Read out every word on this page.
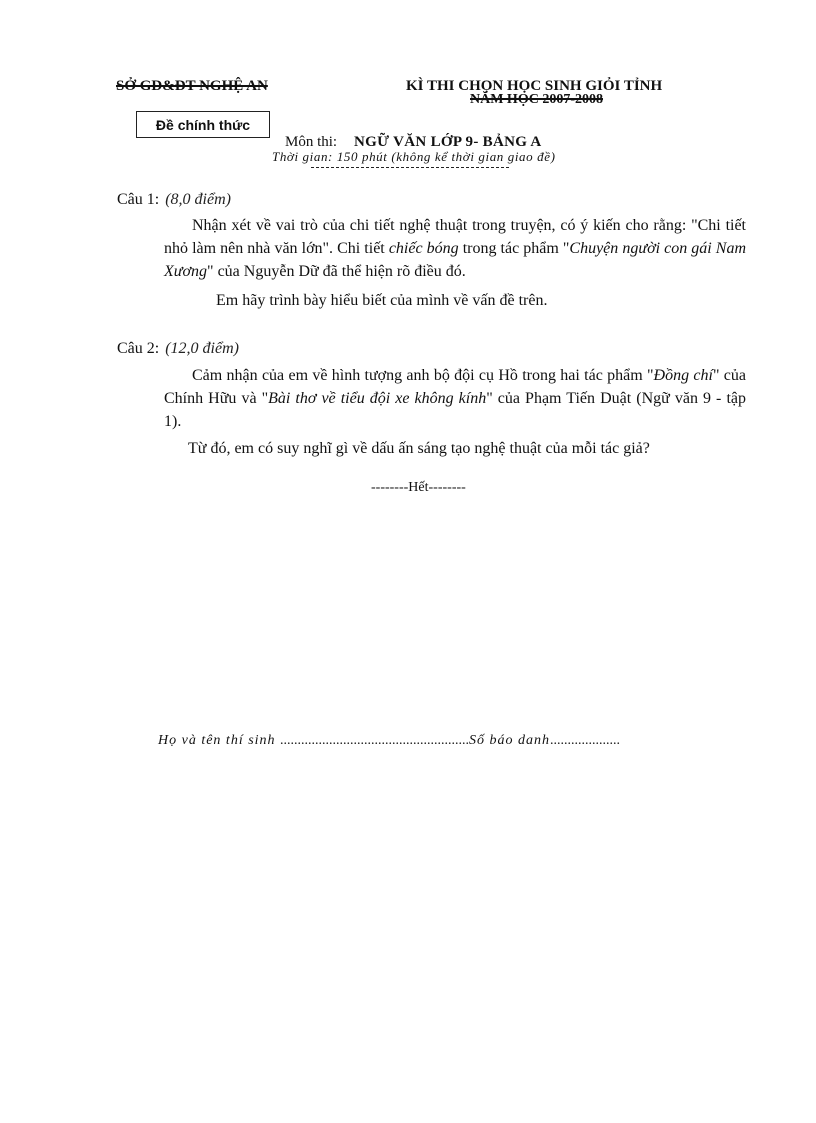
SỞ GD&ĐT NGHỆ AN	KÌ THI CHỌN HỌC SINH GIỎI TỈNH
NĂM HỌC 2007-2008
Đề chính thức
Môn thi: NGỮ VĂN LỚP 9- BẢNG A
Thời gian: 150 phút (không kể thời gian giao đề)
Câu 1: (8,0 điểm)
Nhận xét về vai trò của chi tiết nghệ thuật trong truyện, có ý kiến cho rằng: "Chi tiết nhỏ làm nên nhà văn lớn". Chi tiết chiếc bóng trong tác phẩm "Chuyện người con gái Nam Xương" của Nguyễn Dữ đã thể hiện rõ điều đó.
Em hãy trình bày hiểu biết của mình về vấn đề trên.
Câu 2: (12,0 điểm)
Cảm nhận của em về hình tượng anh bộ đội cụ Hồ trong hai tác phẩm "Đồng chí" của Chính Hữu và "Bài thơ về tiểu đội xe không kính" của Phạm Tiến Duật (Ngữ văn 9 - tập 1).
Từ đó, em có suy nghĩ gì về dấu ấn sáng tạo nghệ thuật của mỗi tác giả?
--------Hết--------
Họ và tên thí sinh ......................................................Số báo danh....................
